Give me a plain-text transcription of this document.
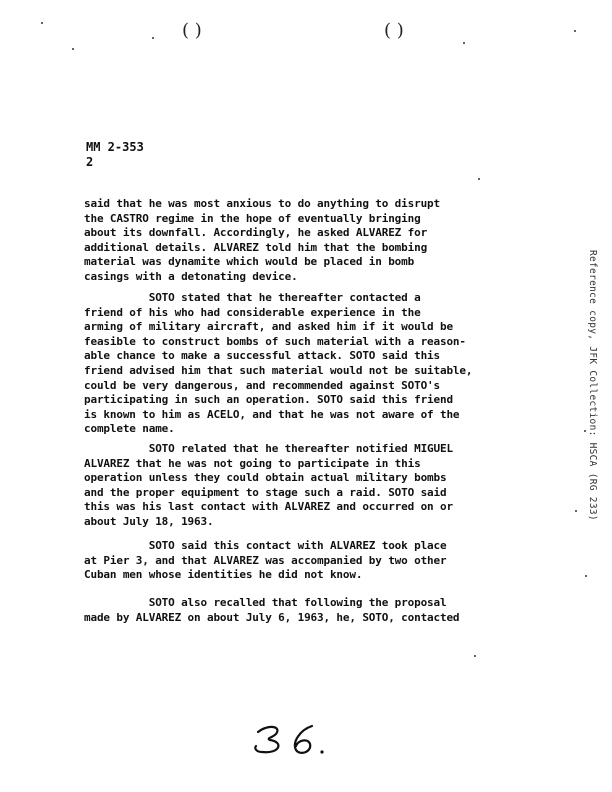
( )	( )
MM 2-353
2
said that he was most anxious to do anything to disrupt
the CASTRO regime in the hope of eventually bringing
about its downfall. Accordingly, he asked ALVAREZ for
additional details. ALVAREZ told him that the bombing
material was dynamite which would be placed in bomb
casings with a detonating device.
SOTO stated that he thereafter contacted a
friend of his who had considerable experience in the
arming of military aircraft, and asked him if it would be
feasible to construct bombs of such material with a reason-
able chance to make a successful attack. SOTO said this
friend advised him that such material would not be suitable,
could be very dangerous, and recommended against SOTO's
participating in such an operation. SOTO said this friend
is known to him as ACELO, and that he was not aware of the
complete name.
SOTO related that he thereafter notified MIGUEL
ALVAREZ that he was not going to participate in this
operation unless they could obtain actual military bombs
and the proper equipment to stage such a raid. SOTO said
this was his last contact with ALVAREZ and occurred on or
about July 18, 1963.
SOTO said this contact with ALVAREZ took place
at Pier 3, and that ALVAREZ was accompanied by two other
Cuban men whose identities he did not know.
SOTO also recalled that following the proposal
made by ALVAREZ on about July 6, 1963, he, SOTO, contacted
Reference copy, JFK Collection: HSCA (RG 233)
